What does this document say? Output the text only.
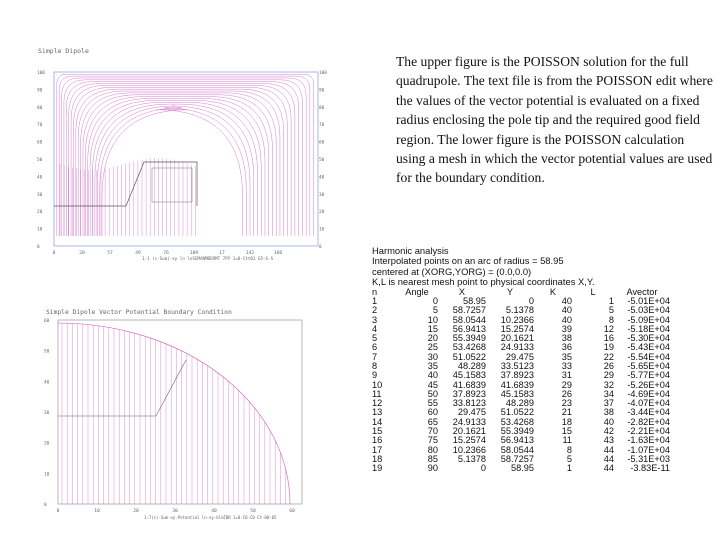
Simple Dipole
0	20	57	49	76	109	17	142	160
100	100
90	90
80	80
70	70
60	60
50	50
40	40
30	30
20	20
10	10
0	0
1-1 (c-Sum)-xy ln lnSEMANMBERMT 7PY 1=0-Ctt01 G5-S-S
Simple Dipole Vector Potential Boundary Condition
0	10	20	30	40	50	60
60
50
40
30
20
10
0
1-7(c)-Sum-xy-Potential ln-xy-blmTBR 1=0-C0-C0 Ct-00-05

The upper figure is the POISSON solution for the full quadrupole. The text file is from the POISSON edit where the values of the vector potential is evaluated on a fixed radius enclosing the pole tip and the required good field region. The lower figure is the POISSON calculation using a mesh in which the vector potential values are used for the boundary condition.

Harmonic analysis
Interpolated points on an arc of radius = 58.95
centered at (XORG,YORG) = (0.0,0.0)
K,L is nearest mesh point to physical coordinates X,Y.
n	Angle	X	Y	K	L	Avector
1	0	58.95	0	40	1	-5.01E+04
2	5	58.7257	5.1378	40	5	-5.03E+04
3	10	58.0544	10.2366	40	8	-5.09E+04
4	15	56.9413	15.2574	39	12	-5.18E+04
5	20	55.3949	20.1621	38	16	-5.30E+04
6	25	53.4268	24.9133	36	19	-5.43E+04
7	30	51.0522	29.475	35	22	-5.54E+04
8	35	48.289	33.5123	33	26	-5.65E+04
9	40	45.1583	37.8923	31	29	-5.77E+04
10	45	41.6839	41.6839	29	32	-5.26E+04
11	50	37.8923	45.1583	26	34	-4.69E+04
12	55	33.8123	48.289	23	37	-4.07E+04
13	60	29.475	51.0522	21	38	-3.44E+04
14	65	24.9133	53.4268	18	40	-2.82E+04
15	70	20.1621	55.3949	15	42	-2.21E+04
16	75	15.2574	56.9413	11	43	-1.63E+04
17	80	10.2366	58.0544	8	44	-1.07E+04
18	85	5.1378	58.7257	5	44	-5.31E+03
19	90	0	58.95	1	44	-3.83E-11
